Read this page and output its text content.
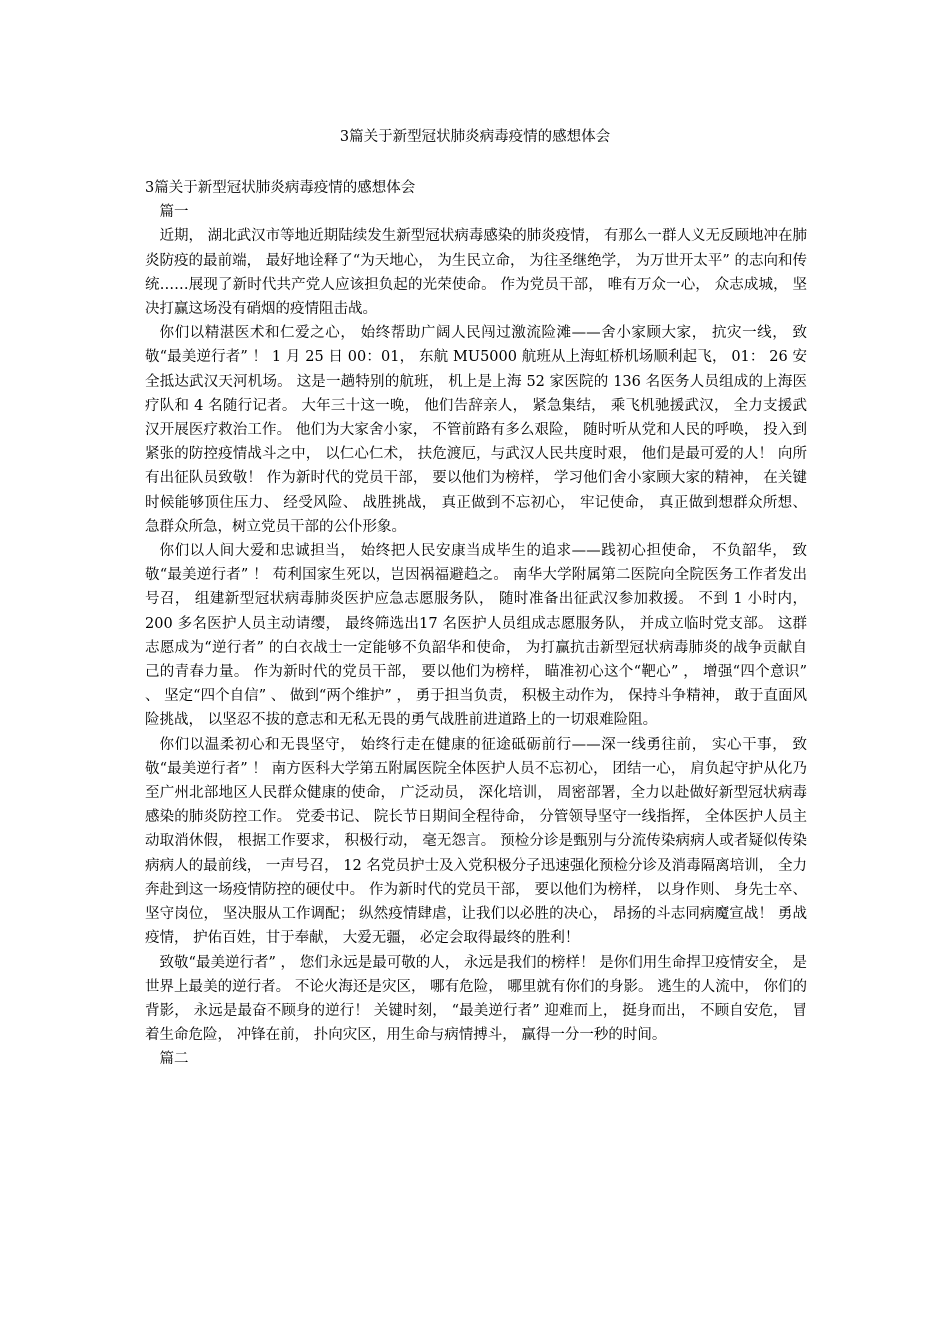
3篇关于新型冠状肺炎病毒疫情的感想体会

3篇关于新型冠状肺炎病毒疫情的感想体会

篇一

近期， 湖北武汉市等地近期陆续发生新型冠状病毒感染的肺炎疫情， 有那么一群人义无反顾地冲在肺炎防疫的最前端， 最好地诠释了“为天地心， 为生民立命， 为往圣继绝学， 为万世开太平” 的志向和传统……展现了新时代共产党人应该担负起的光荣使命。 作为党员干部， 唯有万众一心， 众志成城， 坚决打赢这场没有硝烟的疫情阻击战。

你们以精湛医术和仁爱之心， 始终帮助广阔人民闯过激流险滩——舍小家顾大家， 抗灾一线， 致敬“最美逆行者” ！ 1 月 25 日 00：01， 东航 MU5000 航班从上海虹桥机场顺利起飞， 01： 26 安全抵达武汉天河机场。 这是一趟特别的航班， 机上是上海 52 家医院的 136 名医务人员组成的上海医疗队和 4 名随行记者。 大年三十这一晚， 他们告辞亲人， 紧急集结， 乘飞机驰援武汉， 全力支援武汉开展医疗救治工作。 他们为大家舍小家， 不管前路有多么艰险， 随时听从党和人民的呼唤， 投入到紧张的防控疫情战斗之中， 以仁心仁术， 扶危渡厄，与武汉人民共度时艰， 他们是最可爱的人！ 向所有出征队员致敬！ 作为新时代的党员干部， 要以他们为榜样， 学习他们舍小家顾大家的精神， 在关键时候能够顶住压力、 经受风险、 战胜挑战， 真正做到不忘初心， 牢记使命， 真正做到想群众所想、 急群众所急，树立党员干部的公仆形象。

你们以人间大爱和忠诚担当， 始终把人民安康当成毕生的追求——践初心担使命， 不负韶华， 致敬“最美逆行者” ！ 苟利国家生死以，岂因祸福避趋之。 南华大学附属第二医院向全院医务工作者发出号召， 组建新型冠状病毒肺炎医护应急志愿服务队， 随时准备出征武汉参加救援。 不到 1 小时内， 200 多名医护人员主动请缨， 最终筛选出17 名医护人员组成志愿服务队， 并成立临时党支部。 这群志愿成为“逆行者” 的白衣战士一定能够不负韶华和使命， 为打赢抗击新型冠状病毒肺炎的战争贡献自己的青春力量。 作为新时代的党员干部， 要以他们为榜样， 瞄准初心这个“靶心” ， 增强“四个意识” 、 坚定“四个自信” 、 做到“两个维护” ， 勇于担当负责， 积极主动作为， 保持斗争精神， 敢于直面风险挑战， 以坚忍不拔的意志和无私无畏的勇气战胜前进道路上的一切艰难险阻。

你们以温柔初心和无畏坚守， 始终行走在健康的征途砥砺前行——深一线勇往前， 实心干事， 致敬“最美逆行者” ！ 南方医科大学第五附属医院全体医护人员不忘初心， 团结一心， 肩负起守护从化乃至广州北部地区人民群众健康的使命， 广泛动员， 深化培训， 周密部署，全力以赴做好新型冠状病毒感染的肺炎防控工作。 党委书记、 院长节日期间全程待命， 分管领导坚守一线指挥， 全体医护人员主动取消休假， 根据工作要求， 积极行动， 毫无怨言。 预检分诊是甄别与分流传染病病人或者疑似传染病病人的最前线， 一声号召， 12 名党员护士及入党积极分子迅速强化预检分诊及消毒隔离培训， 全力奔赴到这一场疫情防控的硬仗中。 作为新时代的党员干部， 要以他们为榜样， 以身作则、 身先士卒、 坚守岗位， 坚决服从工作调配； 纵然疫情肆虐，让我们以必胜的决心， 昂扬的斗志同病魔宣战！ 勇战疫情， 护佑百姓，甘于奉献， 大爱无疆， 必定会取得最终的胜利！

致敬“最美逆行者” ， 您们永远是最可敬的人， 永远是我们的榜样！ 是你们用生命捍卫疫情安全， 是世界上最美的逆行者。 不论火海还是灾区， 哪有危险， 哪里就有你们的身影。 逃生的人流中， 你们的背影， 永远是最奋不顾身的逆行！ 关键时刻， “最美逆行者” 迎难而上， 挺身而出， 不顾自安危， 冒着生命危险， 冲锋在前， 扑向灾区，用生命与病情搏斗， 赢得一分一秒的时间。

篇二
